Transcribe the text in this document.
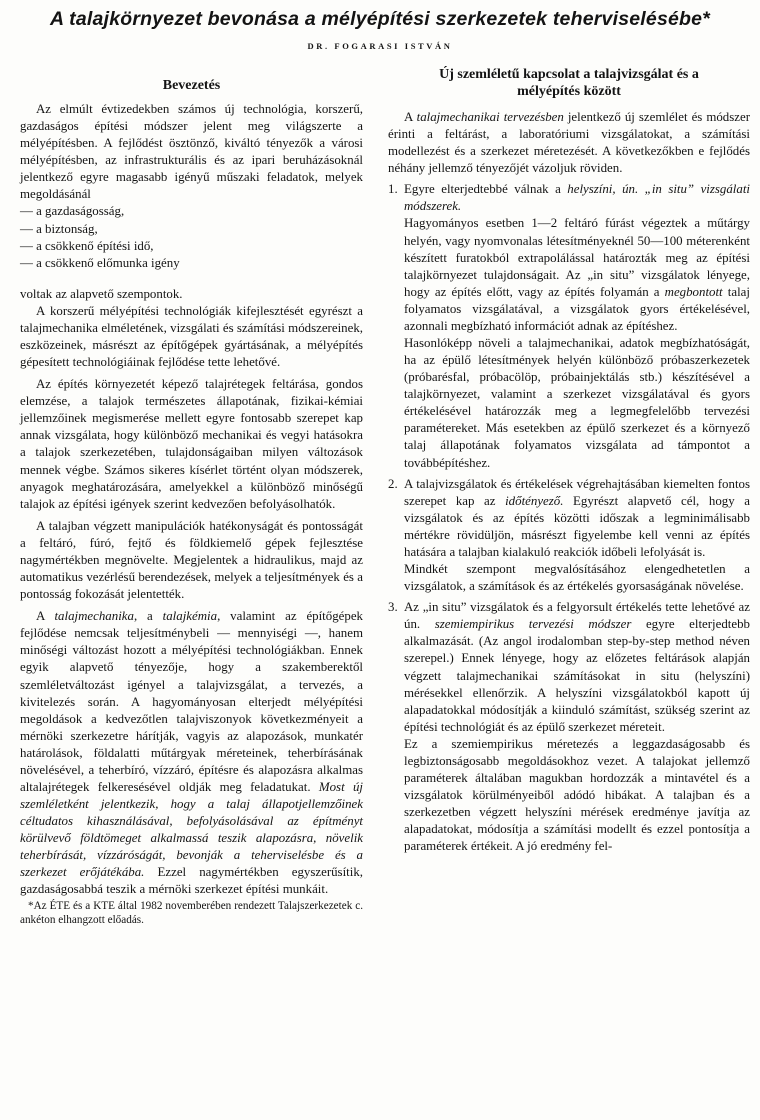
A talajkörnyezet bevonása a mélyépítési szerkezetek teherviselésébe*
DR. FOGARASI ISTVÁN
Bevezetés

Az elmúlt évtizedekben számos új technológia, korszerű, gazdaságos építési módszer jelent meg világszerte a mélyépítésben. A fejlődést ösztönző, kiváltó tényezők a városi mélyépítésben, az infrastrukturális és az ipari beruházásoknál jelentkező egyre magasabb igényű műszaki feladatok, melyek megoldásánál

— a gazdaságosság,
— a biztonság,
— a csökkenő építési idő,
— a csökkenő előmunka igény

voltak az alapvető szempontok.

A korszerű mélyépítési technológiák kifejlesztését egyrészt a talajmechanika elméletének, vizsgálati és számítási módszereinek, eszközeinek, másrészt az építőgépek gyártásának, a mélyépítés gépesített technológiáinak fejlődése tette lehetővé.

Az építés környezetét képező talajrétegek feltárása, gondos elemzése, a talajok természetes állapotának, fizikai-kémiai jellemzőinek megismerése mellett egyre fontosabb szerepet kap annak vizsgálata, hogy különböző mechanikai és vegyi hatásokra a talajok szerkezetében, tulajdonságaiban milyen változások mennek végbe. Számos sikeres kísérlet történt olyan módszerek, anyagok meghatározására, amelyekkel a különböző minőségű talajok az építési igények szerint kedvezően befolyásolhatók.

A talajban végzett manipulációk hatékonyságát és pontosságát a feltáró, fúró, fejtő és földkiemelő gépek fejlesztése nagymértékben megnövelte. Megjelentek a hidraulikus, majd az automatikus vezérlésű berendezések, melyek a teljesítmények és a pontosság fokozását jelentették.

A talajmechanika, a talajkémia, valamint az építőgépek fejlődése nemcsak teljesítménybeli — mennyiségi —, hanem minőségi változást hozott a mélyépítési technológiákban. Ennek egyik alapvető tényezője, hogy a szakemberektől szemléletváltozást igényel a talajvizsgálat, a tervezés, a kivitelezés során. A hagyományosan elterjedt mélyépítési megoldások a kedvezőtlen talajviszonyok következményeit a mérnöki szerkezetre hárítják, vagyis az alapozások, munkatér határolások, földalatti műtárgyak méreteinek, teherbírásának növelésével, a teherbíró, vízzáró, építésre és alapozásra alkalmas altalajrétegek felkeresésével oldják meg feladatukat. Most új szemléletként jelentkezik, hogy a talaj állapotjellemzőinek céltudatos kihasználásával, befolyásolásával az építményt körülvevő földtömeget alkalmassá teszik alapozásra, növelik teherbírását, vízzáróságát, bevonják a teherviselésbe és a szerkezet erőjátékába. Ezzel nagymértékben egyszerűsítik, gazdaságosabbá teszik a mérnöki szerkezet építési munkáit.

*Az ÉTE és a KTE által 1982 novemberében rendezett Talajszerkezetek c. ankéton elhangzott előadás.

Új szemléletű kapcsolat a talajvizsgálat és a
mélyépítés között

A talajmechanikai tervezésben jelentkező új szemlélet és módszer érinti a feltárást, a laboratóriumi vizsgálatokat, a számítási modellezést és a szerkezet méretezését. A következőkben e fejlődés néhány jellemző tényezőjét vázoljuk röviden.

1. Egyre elterjedtebbé válnak a helyszíni, ún. „in situ” vizsgálati módszerek.

Hagyományos esetben 1—2 feltáró fúrást végeztek a műtárgy helyén, vagy nyomvonalas létesítményeknél 50—100 méterenként készített furatokból extrapolálással határozták meg az építési talajkörnyezet tulajdonságait. Az „in situ” vizsgálatok lényege, hogy az építés előtt, vagy az építés folyamán a megbontott talaj folyamatos vizsgálatával, a vizsgálatok gyors értékelésével, azonnali megbízható információt adnak az építéshez.

Hasonlóképp növeli a talajmechanikai, adatok megbízhatóságát, ha az épülő létesítmények helyén különböző próbaszerkezetek (próbarésfal, próbacölöp, próbainjektálás stb.) készítésével a talajkörnyezet, valamint a szerkezet vizsgálatával és gyors értékelésével határozzák meg a legmegfelelőbb tervezési paramétereket. Más esetekben az épülő szerkezet és a környező talaj állapotának folyamatos vizsgálata ad támpontot a továbbépítéshez.

2. A talajvizsgálatok és értékelések végrehajtásában kiemelten fontos szerepet kap az időtényező. Egyrészt alapvető cél, hogy a vizsgálatok és az építés közötti időszak a legminimálisabb mértékre rövidüljön, másrészt figyelembe kell venni az építés hatására a talajban kialakuló reakciók időbeli lefolyását is.

Mindkét szempont megvalósításához elengedhetetlen a vizsgálatok, a számítások és az értékelés gyorsaságának növelése.

3. Az „in situ” vizsgálatok és a felgyorsult értékelés tette lehetővé az ún. szemiempirikus tervezési módszer egyre elterjedtebb alkalmazását. (Az angol irodalomban step-by-step method néven szerepel.) Ennek lényege, hogy az előzetes feltárások alapján végzett talajmechanikai számításokat in situ (helyszíni) mérésekkel ellenőrzik. A helyszíni vizsgálatokból kapott új alapadatokkal módosítják a kiinduló számítást, szükség szerint az építési technológiát és az épülő szerkezet méreteit.

Ez a szemiempirikus méretezés a leggazdaságosabb és legbiztonságosabb megoldásokhoz vezet. A talajokat jellemző paraméterek általában magukban hordozzák a mintavétel és a vizsgálatok körülményeiből adódó hibákat. A talajban és a szerkezetben végzett helyszíni mérések eredménye javítja az alapadatokat, módosítja a számítási modellt és ezzel pontosítja a paraméterek értékeit. A jó eredmény fel-
